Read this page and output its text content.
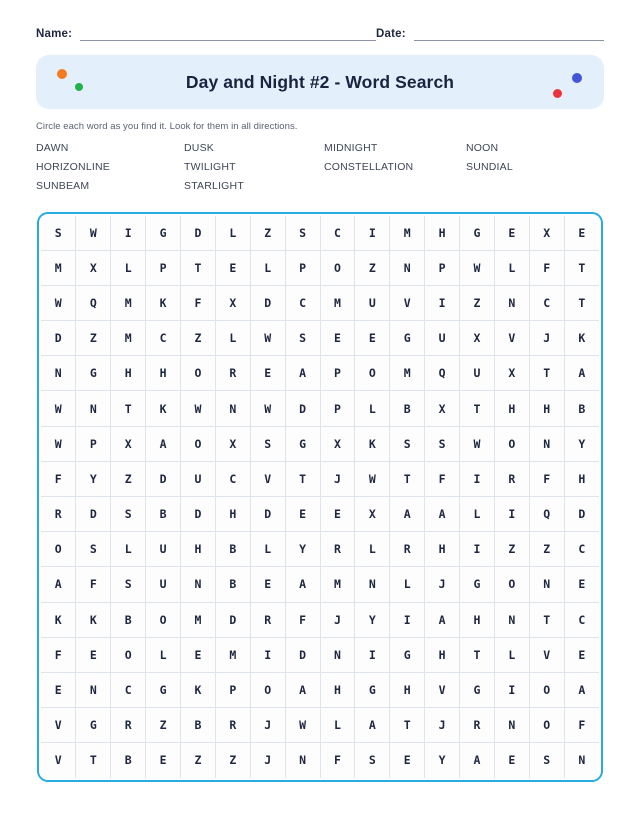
Name:	Date:
Day and Night #2 - Word Search

Circle each word as you find it. Look for them in all directions.

DAWN	DUSK	MIDNIGHT	NOON
HORIZONLINE	TWILIGHT	CONSTELLATION	SUNDIAL
SUNBEAM	STARLIGHT
S	W	I	G	D	L	Z	S	C	I	M	H	G	E	X	E
M	X	L	P	T	E	L	P	O	Z	N	P	W	L	F	T
W	Q	M	K	F	X	D	C	M	U	V	I	Z	N	C	T
D	Z	M	C	Z	L	W	S	E	E	G	U	X	V	J	K
N	G	H	H	O	R	E	A	P	O	M	Q	U	X	T	A
W	N	T	K	W	N	W	D	P	L	B	X	T	H	H	B
W	P	X	A	O	X	S	G	X	K	S	S	W	O	N	Y
F	Y	Z	D	U	C	V	T	J	W	T	F	I	R	F	H
R	D	S	B	D	H	D	E	E	X	A	A	L	I	Q	D
O	S	L	U	H	B	L	Y	R	L	R	H	I	Z	Z	C
A	F	S	U	N	B	E	A	M	N	L	J	G	O	N	E
K	K	B	O	M	D	R	F	J	Y	I	A	H	N	T	C
F	E	O	L	E	M	I	D	N	I	G	H	T	L	V	E
E	N	C	G	K	P	O	A	H	G	H	V	G	I	O	A
V	G	R	Z	B	R	J	W	L	A	T	J	R	N	O	F
V	T	B	E	Z	Z	J	N	F	S	E	Y	A	E	S	N
